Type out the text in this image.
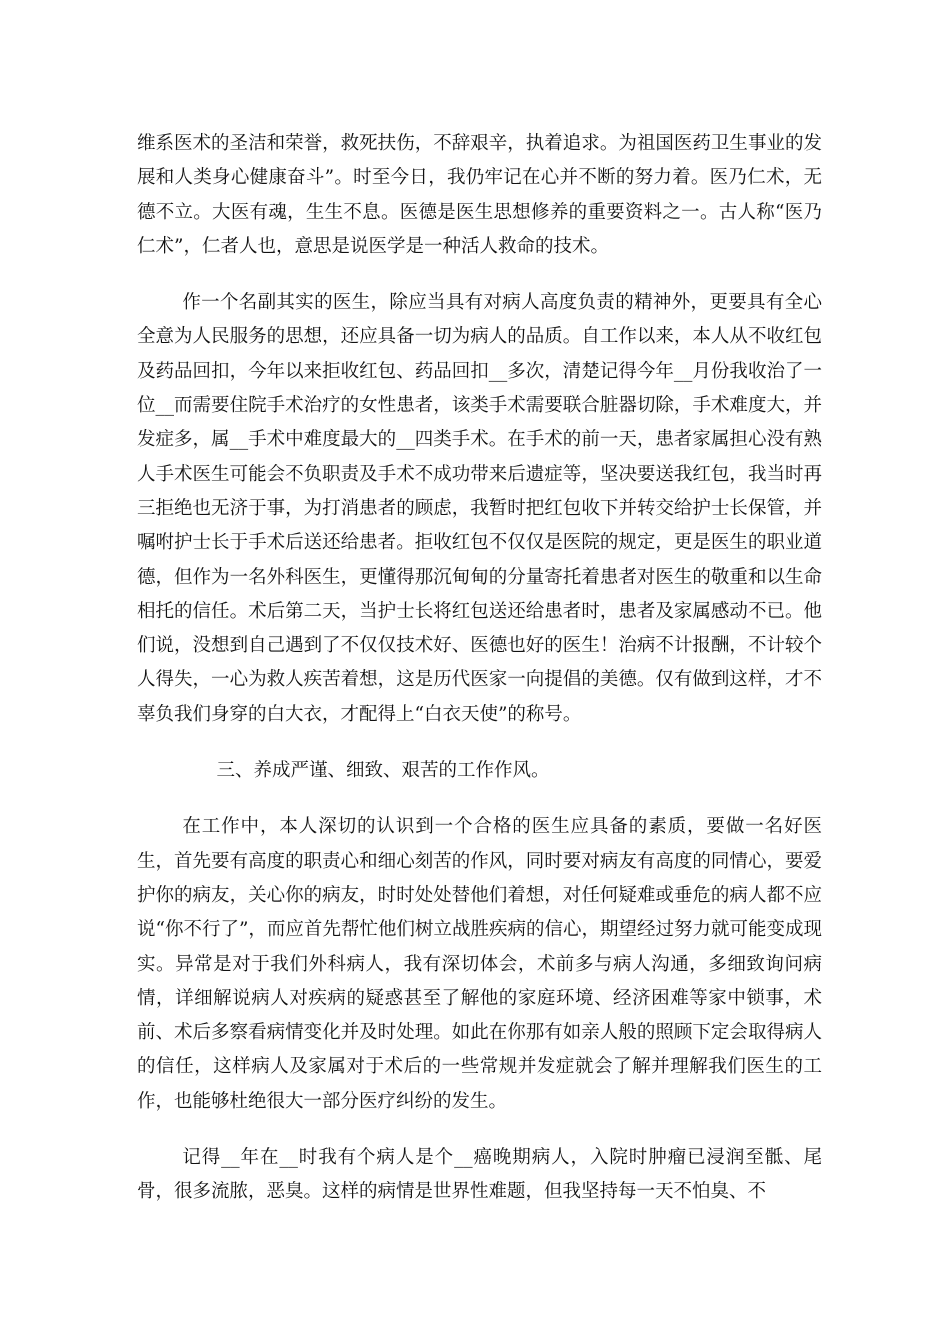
维系医术的圣洁和荣誉，救死扶伤，不辞艰辛，执着追求。为祖国医药卫生事业的发展和人类身心健康奋斗”。时至今日，我仍牢记在心并不断的努力着。医乃仁术，无德不立。大医有魂，生生不息。医德是医生思想修养的重要资料之一。古人称“医乃仁术”，仁者人也，意思是说医学是一种活人救命的技术。

作一个名副其实的医生，除应当具有对病人高度负责的精神外，更要具有全心全意为人民服务的思想，还应具备一切为病人的品质。自工作以来，本人从不收红包及药品回扣，今年以来拒收红包、药品回扣__多次，清楚记得今年__月份我收治了一位__而需要住院手术治疗的女性患者，该类手术需要联合脏器切除，手术难度大，并发症多，属__手术中难度最大的__四类手术。在手术的前一天，患者家属担心没有熟人手术医生可能会不负职责及手术不成功带来后遗症等，坚决要送我红包，我当时再三拒绝也无济于事，为打消患者的顾虑，我暂时把红包收下并转交给护士长保管，并嘱咐护士长于手术后送还给患者。拒收红包不仅仅是医院的规定，更是医生的职业道德，但作为一名外科医生，更懂得那沉甸甸的分量寄托着患者对医生的敬重和以生命相托的信任。术后第二天，当护士长将红包送还给患者时，患者及家属感动不已。他们说，没想到自己遇到了不仅仅技术好、医德也好的医生！治病不计报酬，不计较个人得失，一心为救人疾苦着想，这是历代医家一向提倡的美德。仅有做到这样，才不辜负我们身穿的白大衣，才配得上“白衣天使”的称号。

三、养成严谨、细致、艰苦的工作作风。

在工作中，本人深切的认识到一个合格的医生应具备的素质，要做一名好医生，首先要有高度的职责心和细心刻苦的作风，同时要对病友有高度的同情心，要爱护你的病友，关心你的病友，时时处处替他们着想，对任何疑难或垂危的病人都不应说“你不行了”，而应首先帮忙他们树立战胜疾病的信心，期望经过努力就可能变成现实。异常是对于我们外科病人，我有深切体会，术前多与病人沟通，多细致询问病情，详细解说病人对疾病的疑惑甚至了解他的家庭环境、经济困难等家中锁事，术前、术后多察看病情变化并及时处理。如此在你那有如亲人般的照顾下定会取得病人的信任，这样病人及家属对于术后的一些常规并发症就会了解并理解我们医生的工作，也能够杜绝很大一部分医疗纠纷的发生。

记得__年在__时我有个病人是个__癌晚期病人，入院时肿瘤已浸润至骶、尾骨，很多流脓，恶臭。这样的病情是世界性难题，但我坚持每一天不怕臭、不
